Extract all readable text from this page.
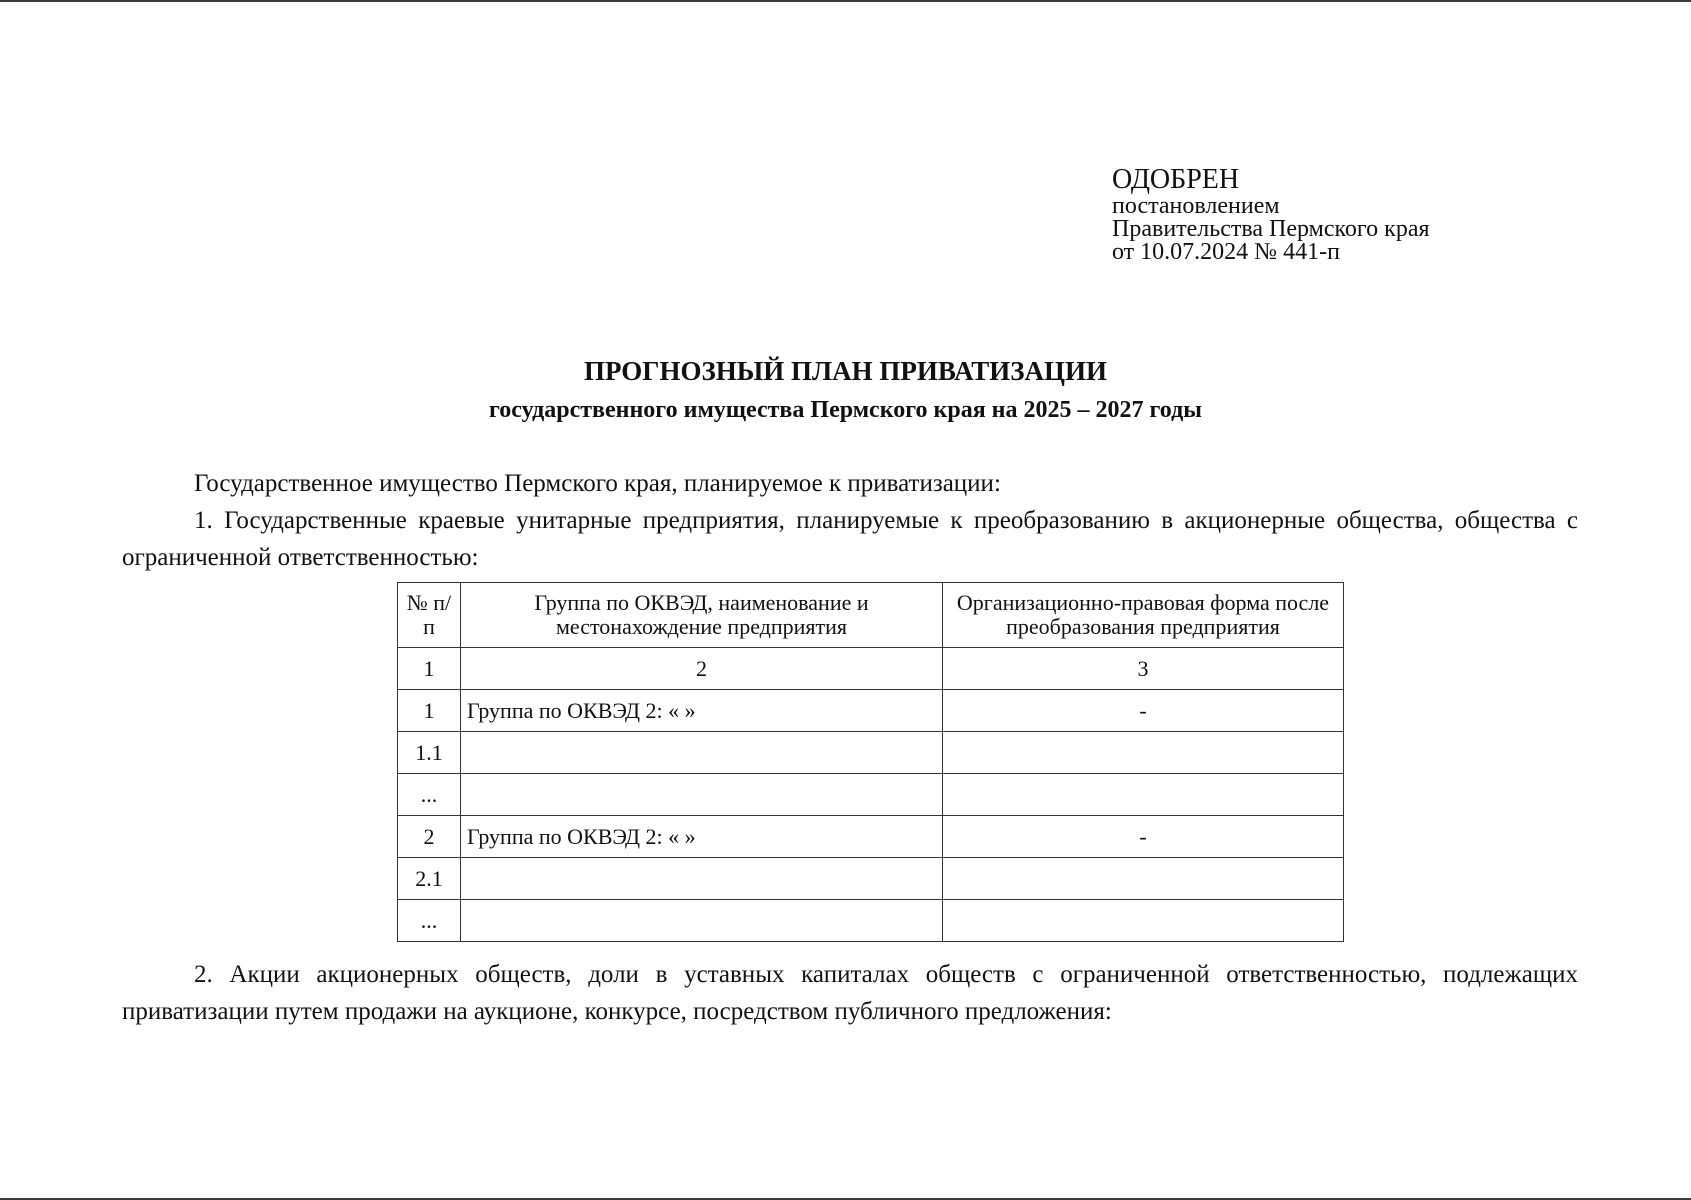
ОДОБРЕН
постановлением
Правительства Пермского края
от 10.07.2024 № 441-п
ПРОГНОЗНЫЙ ПЛАН ПРИВАТИЗАЦИИ
государственного имущества Пермского края на 2025 – 2027 годы
Государственное имущество Пермского края, планируемое к приватизации:
1. Государственные краевые унитарные предприятия, планируемые к преобразованию в акционерные общества, общества с ограниченной ответственностью:
№ п/п	Группа по ОКВЭД, наименование и местонахождение предприятия	Организационно-правовая форма после преобразования предприятия
1	2	3
1	Группа по ОКВЭД 2: « »	-
1.1		
...		
2	Группа по ОКВЭД 2: « »	-
2.1		
...		
2. Акции акционерных обществ, доли в уставных капиталах обществ с ограниченной ответственностью, подлежащих приватизации путем продажи на аукционе, конкурсе, посредством публичного предложения:
